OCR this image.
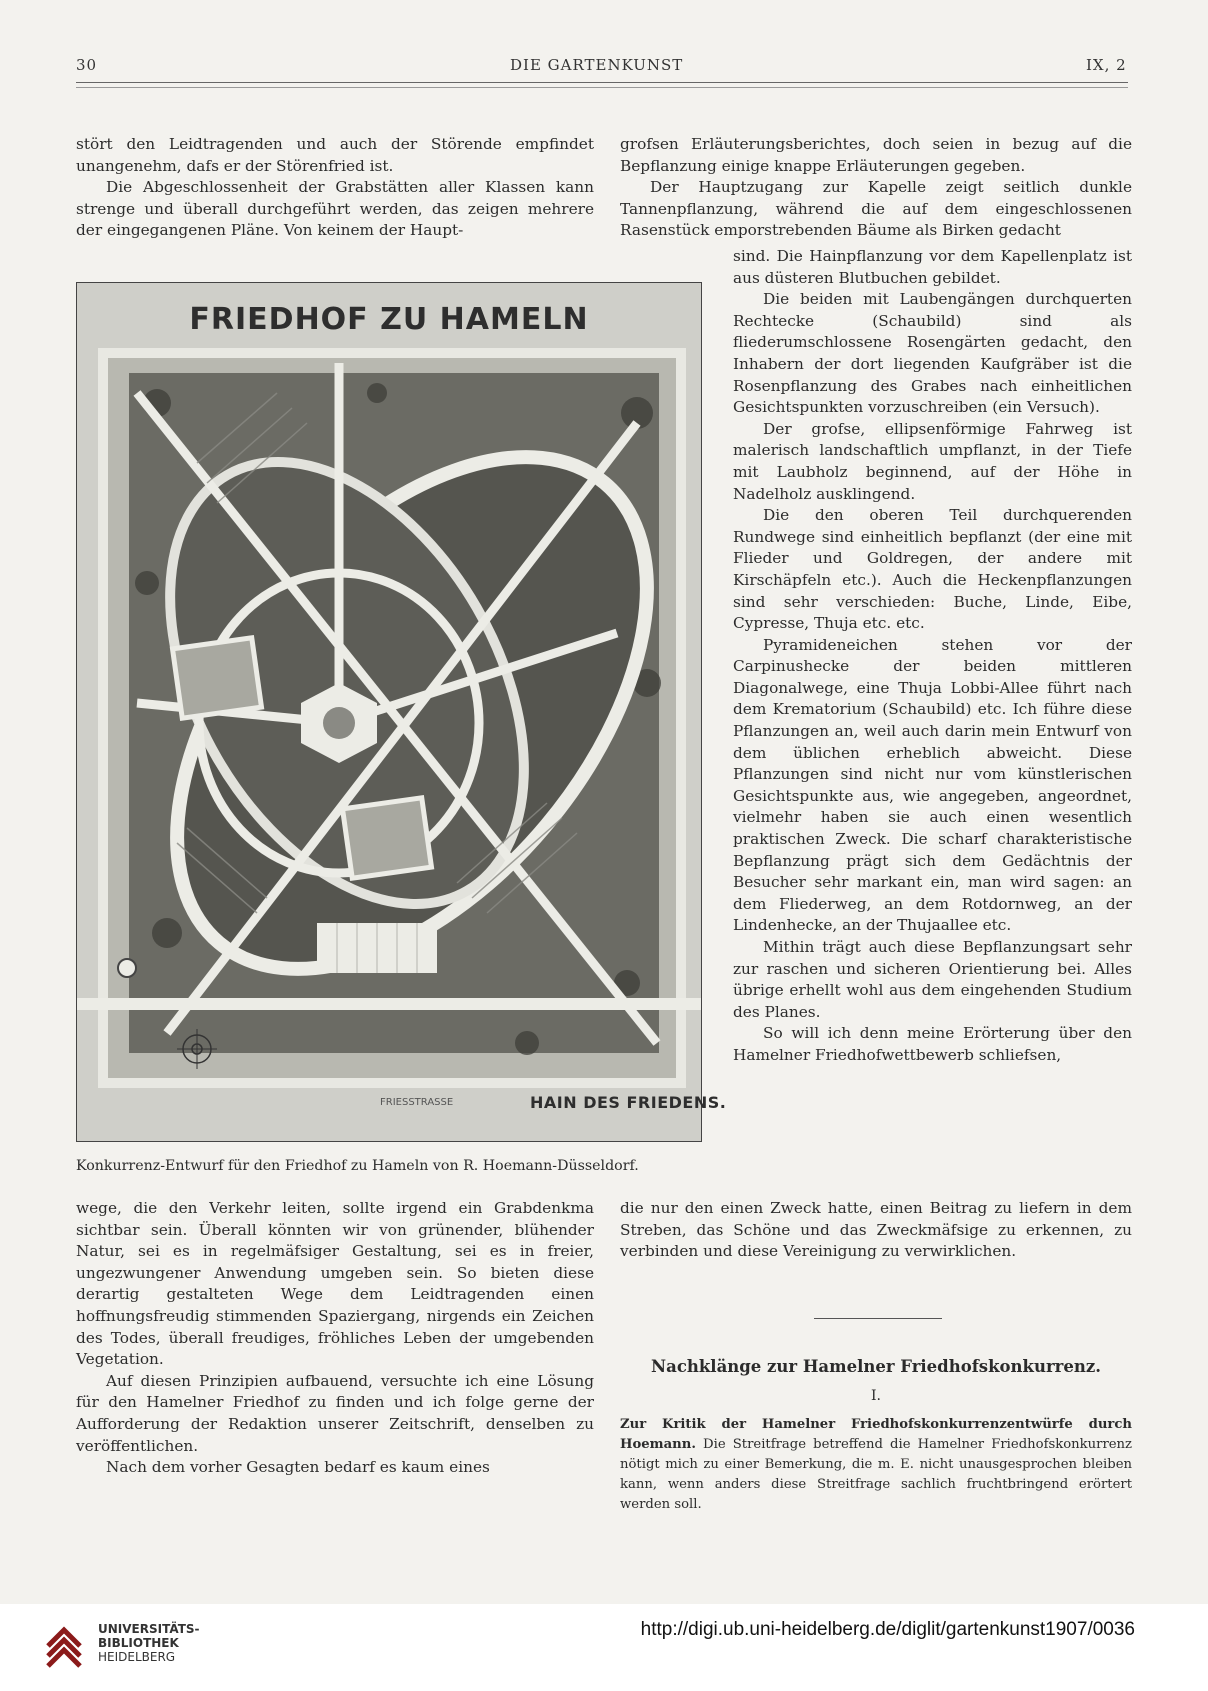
30	DIE GARTENKUNST	IX, 2

stört den Leidtragenden und auch der Störende empfindet unangenehm, dafs er der Störenfried ist.

Die Abgeschlossenheit der Grabstätten aller Klassen kann strenge und überall durchgeführt werden, das zeigen mehrere der eingegangenen Pläne. Von keinem der Haupt-

grofsen Erläuterungsberichtes, doch seien in bezug auf die Bepflanzung einige knappe Erläuterungen gegeben.

Der Hauptzugang zur Kapelle zeigt seitlich dunkle Tannenpflanzung, während die auf dem eingeschlossenen Rasenstück emporstrebenden Bäume als Birken gedacht

sind. Die Hainpflanzung vor dem Kapellenplatz ist aus düsteren Blutbuchen gebildet.

Die beiden mit Laubengängen durchquerten Rechtecke (Schaubild) sind als fliederumschlossene Rosengärten gedacht, den Inhabern der dort liegenden Kaufgräber ist die Rosenpflanzung des Grabes nach einheitlichen Gesichtspunkten vorzuschreiben (ein Versuch).

Der grofse, ellipsenförmige Fahrweg ist malerisch landschaftlich umpflanzt, in der Tiefe mit Laubholz beginnend, auf der Höhe in Nadelholz ausklingend.

Die den oberen Teil durchquerenden Rundwege sind einheitlich bepflanzt (der eine mit Flieder und Goldregen, der andere mit Kirschäpfeln etc.). Auch die Heckenpflanzungen sind sehr verschieden: Buche, Linde, Eibe, Cypresse, Thuja etc. etc.

Pyramideneichen stehen vor der Carpinushecke der beiden mittleren Diagonalwege, eine Thuja Lobbi-Allee führt nach dem Krematorium (Schaubild) etc. Ich führe diese Pflanzungen an, weil auch darin mein Entwurf von dem üblichen erheblich abweicht. Diese Pflanzungen sind nicht nur vom künstlerischen Gesichtspunkte aus, wie angegeben, angeordnet, vielmehr haben sie auch einen wesentlich praktischen Zweck. Die scharf charakteristische Bepflanzung prägt sich dem Gedächtnis der Besucher sehr markant ein, man wird sagen: an dem Fliederweg, an dem Rotdornweg, an der Lindenhecke, an der Thujaallee etc.

Mithin trägt auch diese Bepflanzungsart sehr zur raschen und sicheren Orientierung bei. Alles übrige erhellt wohl aus dem eingehenden Studium des Planes.

So will ich denn meine Erörterung über den Hamelner Friedhofwettbewerb schliefsen,

die nur den einen Zweck hatte, einen Beitrag zu liefern in dem Streben, das Schöne und das Zweckmäfsige zu erkennen, zu verbinden und diese Vereinigung zu verwirklichen.

FRIEDHOF ZU HAMELN
FRIESSTRASSE	HAIN DES FRIEDENS.
Konkurrenz-Entwurf für den Friedhof zu Hameln von R. Hoemann-Düsseldorf.

wege, die den Verkehr leiten, sollte irgend ein Grabdenkma sichtbar sein. Überall könnten wir von grünender, blühender Natur, sei es in regelmäfsiger Gestaltung, sei es in freier, ungezwungener Anwendung umgeben sein. So bieten diese derartig gestalteten Wege dem Leidtragenden einen hoffnungsfreudig stimmenden Spaziergang, nirgends ein Zeichen des Todes, überall freudiges, fröhliches Leben der umgebenden Vegetation.

Auf diesen Prinzipien aufbauend, versuchte ich eine Lösung für den Hamelner Friedhof zu finden und ich folge gerne der Aufforderung der Redaktion unserer Zeitschrift, denselben zu veröffentlichen.

Nach dem vorher Gesagten bedarf es kaum eines

Nachklänge zur Hamelner Friedhofskonkurrenz.
I.
Zur Kritik der Hamelner Friedhofskonkurrenzentwürfe durch Hoemann. Die Streitfrage betreffend die Hamelner Friedhofskonkurrenz nötigt mich zu einer Bemerkung, die m. E. nicht unausgesprochen bleiben kann, wenn anders diese Streitfrage sachlich fruchtbringend erörtert werden soll.
UNIVERSITÄTS-
BIBLIOTHEK
HEIDELBERG
http://digi.ub.uni-heidelberg.de/diglit/gartenkunst1907/0036
